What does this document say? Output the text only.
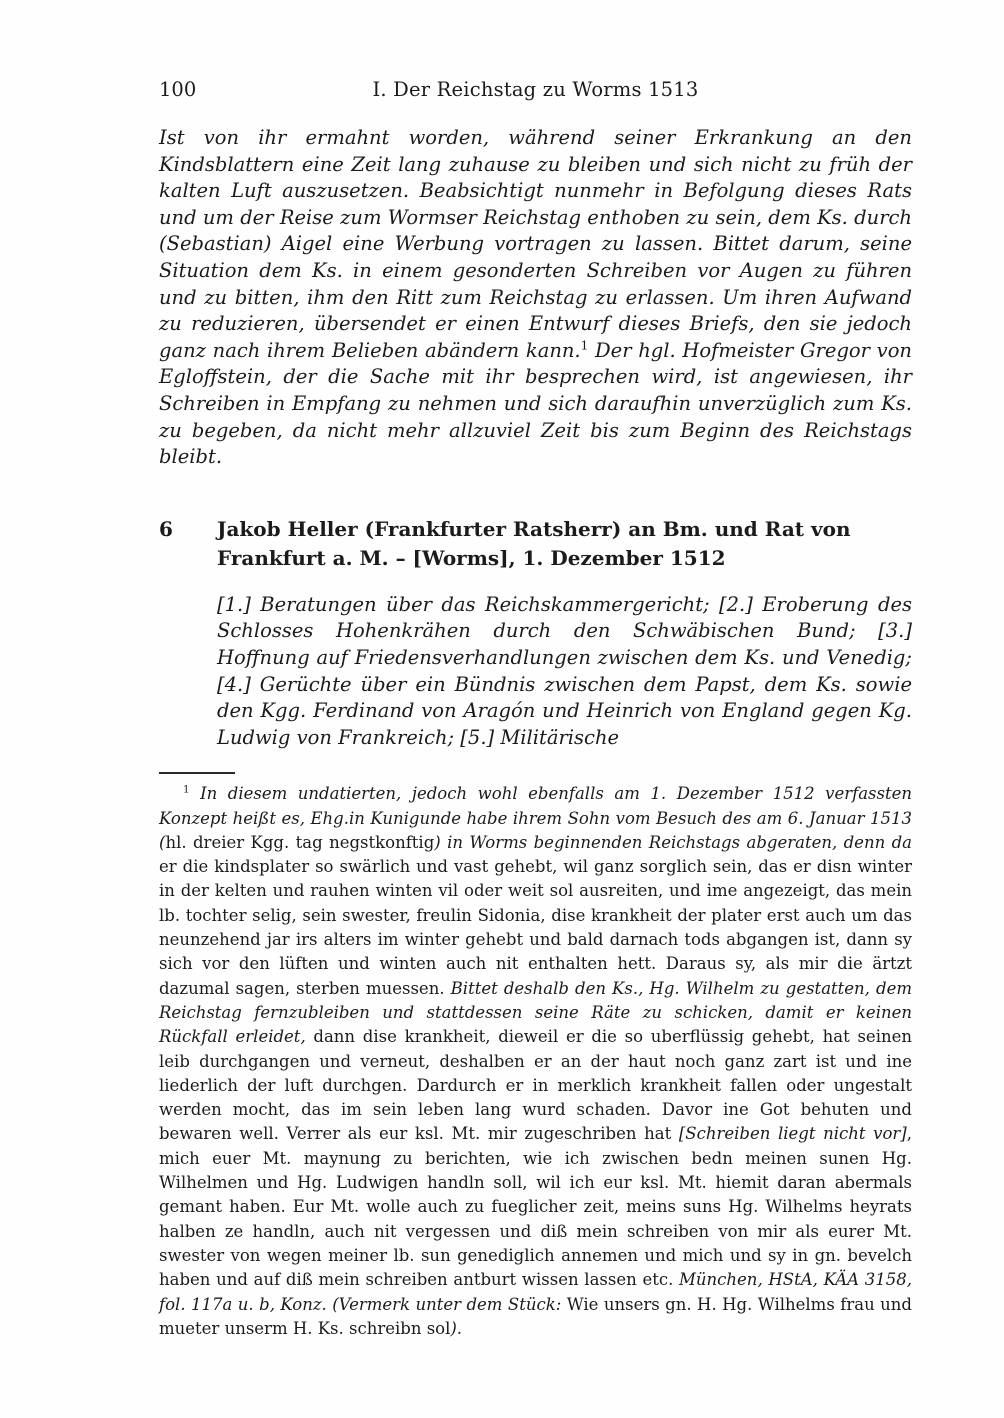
100	I. Der Reichstag zu Worms 1513

Ist von ihr ermahnt worden, während seiner Erkrankung an den Kindsblattern eine Zeit lang zuhause zu bleiben und sich nicht zu früh der kalten Luft auszusetzen. Beabsichtigt nunmehr in Befolgung dieses Rats und um der Reise zum Wormser Reichstag enthoben zu sein, dem Ks. durch (Sebastian) Aigel eine Werbung vortragen zu lassen. Bittet darum, seine Situation dem Ks. in einem gesonderten Schreiben vor Augen zu führen und zu bitten, ihm den Ritt zum Reichstag zu erlassen. Um ihren Aufwand zu reduzieren, übersendet er einen Entwurf dieses Briefs, den sie jedoch ganz nach ihrem Belieben abändern kann.$^1$ Der hgl. Hofmeister Gregor von Egloffstein, der die Sache mit ihr besprechen wird, ist angewiesen, ihr Schreiben in Empfang zu nehmen und sich daraufhin unverzüglich zum Ks. zu begeben, da nicht mehr allzuviel Zeit bis zum Beginn des Reichstags bleibt.

6	Jakob Heller (Frankfurter Ratsherr) an Bm. und Rat von Frankfurt a. M. – [Worms], 1. Dezember 1512

[1.] Beratungen über das Reichskammergericht; [2.] Eroberung des Schlosses Hohenkrähen durch den Schwäbischen Bund; [3.] Hoffnung auf Friedensverhandlungen zwischen dem Ks. und Venedig; [4.] Gerüchte über ein Bündnis zwischen dem Papst, dem Ks. sowie den Kgg. Ferdinand von Aragón und Heinrich von England gegen Kg. Ludwig von Frankreich; [5.] Militärische

$^1$ In diesem undatierten, jedoch wohl ebenfalls am 1. Dezember 1512 verfassten Konzept heißt es, Ehg.in Kunigunde habe ihrem Sohn vom Besuch des am 6. Januar 1513 (hl. dreier Kgg. tag negstkonftig) in Worms beginnenden Reichstags abgeraten, denn da er die kindsplater so swärlich und vast gehebt, wil ganz sorglich sein, das er disn winter in der kelten und rauhen winten vil oder weit sol ausreiten, und ime angezeigt, das mein lb. tochter selig, sein swester, freulin Sidonia, dise krankheit der plater erst auch um das neunzehend jar irs alters im winter gehebt und bald darnach tods abgangen ist, dann sy sich vor den lüften und winten auch nit enthalten hett. Daraus sy, als mir die ärtzt dazumal sagen, sterben muessen. Bittet deshalb den Ks., Hg. Wilhelm zu gestatten, dem Reichstag fernzubleiben und stattdessen seine Räte zu schicken, damit er keinen Rückfall erleidet, dann dise krankheit, dieweil er die so uberflüssig gehebt, hat seinen leib durchgangen und verneut, deshalben er an der haut noch ganz zart ist und ine liederlich der luft durchgen. Dardurch er in merklich krankheit fallen oder ungestalt werden mocht, das im sein leben lang wurd schaden. Davor ine Got behuten und bewaren well. Verrer als eur ksl. Mt. mir zugeschriben hat [Schreiben liegt nicht vor], mich euer Mt. maynung zu berichten, wie ich zwischen bedn meinen sunen Hg. Wilhelmen und Hg. Ludwigen handln soll, wil ich eur ksl. Mt. hiemit daran abermals gemant haben. Eur Mt. wolle auch zu fueglicher zeit, meins suns Hg. Wilhelms heyrats halben ze handln, auch nit vergessen und diß mein schreiben von mir als eurer Mt. swester von wegen meiner lb. sun genediglich annemen und mich und sy in gn. bevelch haben und auf diß mein schreiben antburt wissen lassen etc. München, HStA, KÄA 3158, fol. 117a u. b, Konz. (Vermerk unter dem Stück: Wie unsers gn. H. Hg. Wilhelms frau und mueter unserm H. Ks. schreibn sol).
